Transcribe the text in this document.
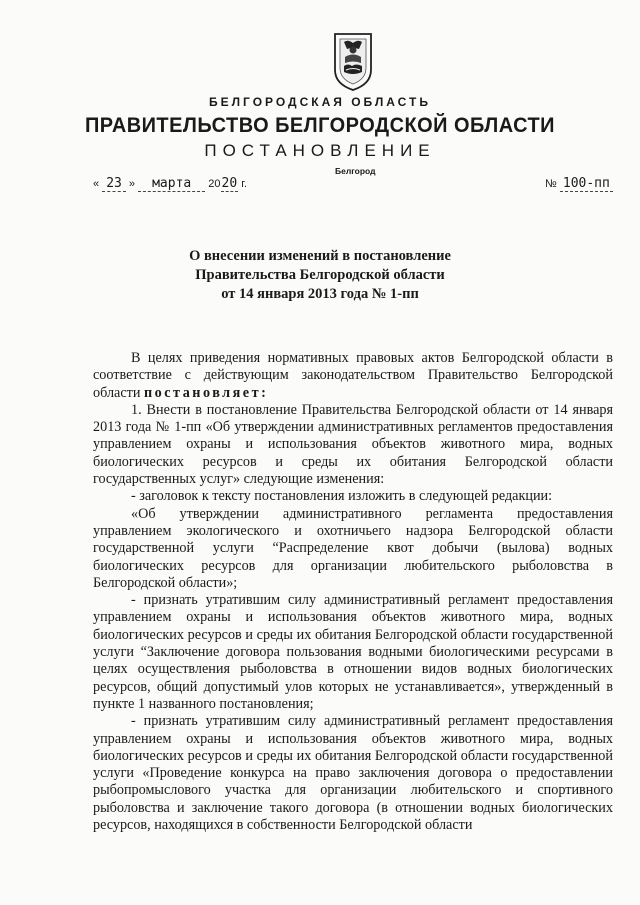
БЕЛГОРОДСКАЯ ОБЛАСТЬ
ПРАВИТЕЛЬСТВО БЕЛГОРОДСКОЙ ОБЛАСТИ
ПОСТАНОВЛЕНИЕ
Белгород
« 23 » марта 2020 г.	№ 100-пп
О внесении изменений в постановление
Правительства Белгородской области
от 14 января 2013 года № 1-пп

В целях приведения нормативных правовых актов Белгородской области в соответствие с действующим законодательством Правительство Белгородской области постановляет:

1. Внести в постановление Правительства Белгородской области от 14 января 2013 года № 1-пп «Об утверждении административных регламентов предоставления управлением охраны и использования объектов животного мира, водных биологических ресурсов и среды их обитания Белгородской области государственных услуг» следующие изменения:

- заголовок к тексту постановления изложить в следующей редакции:

«Об утверждении административного регламента предоставления управлением экологического и охотничьего надзора Белгородской области государственной услуги “Распределение квот добычи (вылова) водных биологических ресурсов для организации любительского рыболовства в Белгородской области»;

- признать утратившим силу административный регламент предоставления управлением охраны и использования объектов животного мира, водных биологических ресурсов и среды их обитания Белгородской области государственной услуги “Заключение договора пользования водными биологическими ресурсами в целях осуществления рыболовства в отношении видов водных биологических ресурсов, общий допустимый улов которых не устанавливается», утвержденный в пункте 1 названного постановления;

- признать утратившим силу административный регламент предоставления управлением охраны и использования объектов животного мира, водных биологических ресурсов и среды их обитания Белгородской области государственной услуги «Проведение конкурса на право заключения договора о предоставлении рыбопромыслового участка для организации любительского и спортивного рыболовства и заключение такого договора (в отношении водных биологических ресурсов, находящихся в собственности Белгородской области
